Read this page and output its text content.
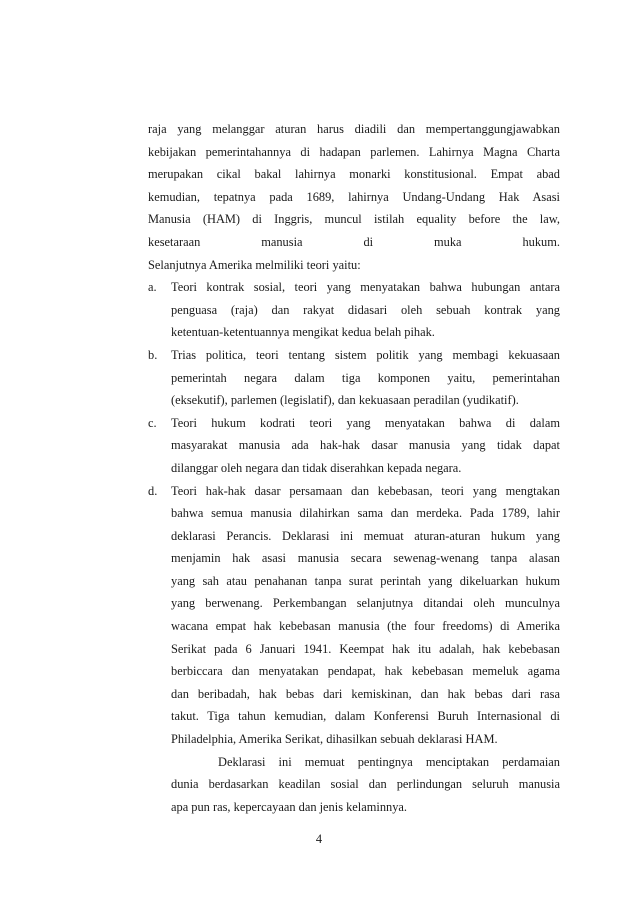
raja yang melanggar aturan harus diadili dan mempertanggungjawabkan
kebijakan pemerintahannya di hadapan parlemen. Lahirnya Magna Charta
merupakan cikal bakal lahirnya monarki konstitusional. Empat abad
kemudian, tepatnya pada 1689, lahirnya Undang-Undang Hak Asasi
Manusia (HAM) di Inggris, muncul istilah equality before the law,
kesetaraan manusia di muka hukum.
Selanjutnya Amerika melmiliki teori yaitu:
a.	Teori kontrak sosial, teori yang menyatakan bahwa hubungan antara
penguasa (raja) dan rakyat didasari oleh sebuah kontrak yang
ketentuan-ketentuannya mengikat kedua belah pihak.
b.	Trias politica, teori tentang sistem politik yang membagi kekuasaan
pemerintah negara dalam tiga komponen yaitu, pemerintahan
(eksekutif), parlemen (legislatif), dan kekuasaan peradilan (yudikatif).
c.	Teori hukum kodrati teori yang menyatakan bahwa di dalam
masyarakat manusia ada hak-hak dasar manusia yang tidak dapat
dilanggar oleh negara dan tidak diserahkan kepada negara.
d.	Teori hak-hak dasar persamaan dan kebebasan, teori yang mengtakan
bahwa semua manusia dilahirkan sama dan merdeka. Pada 1789, lahir
deklarasi Perancis. Deklarasi ini memuat aturan-aturan hukum yang
menjamin hak asasi manusia secara sewenag-wenang tanpa alasan
yang sah atau penahanan tanpa surat perintah yang dikeluarkan hukum
yang berwenang. Perkembangan selanjutnya ditandai oleh munculnya
wacana empat hak kebebasan manusia (the four freedoms) di Amerika
Serikat pada 6 Januari 1941. Keempat hak itu adalah, hak kebebasan
berbiccara dan menyatakan pendapat, hak kebebasan memeluk agama
dan beribadah, hak bebas dari kemiskinan, dan hak bebas dari rasa
takut. Tiga tahun kemudian, dalam Konferensi Buruh Internasional di
Philadelphia, Amerika Serikat, dihasilkan sebuah deklarasi HAM.
Deklarasi ini memuat pentingnya menciptakan perdamaian
dunia berdasarkan keadilan sosial dan perlindungan seluruh manusia
apa pun ras, kepercayaan dan jenis kelaminnya.
4
